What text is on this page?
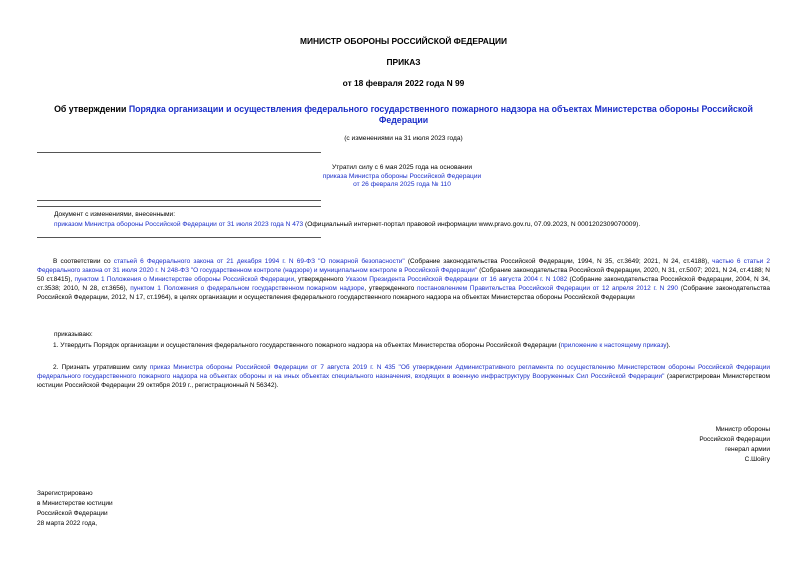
МИНИСТР ОБОРОНЫ РОССИЙСКОЙ ФЕДЕРАЦИИ
ПРИКАЗ
от 18 февраля 2022 года N 99
Об утверждении Порядка организации и осуществления федерального государственного пожарного надзора на объектах Министерства обороны Российской Федерации
(с изменениями на 31 июля 2023 года)
Утратил силу с 6 мая 2025 года на основании
приказа Министра обороны Российской Федерации
от 26 февраля 2025 года № 110
Документ с изменениями, внесенными:
приказом Министра обороны Российской Федерации от 31 июля 2023 года N 473 (Официальный интернет-портал правовой информации www.pravo.gov.ru, 07.09.2023, N 0001202309070009).
В соответствии со статьей 6 Федерального закона от 21 декабря 1994 г. N 69-ФЗ "О пожарной безопасности" (Собрание законодательства Российской Федерации, 1994, N 35, ст.3649; 2021, N 24, ст.4188), частью 6 статьи 2 Федерального закона от 31 июля 2020 г. N 248-ФЗ "О государственном контроле (надзоре) и муниципальном контроле в Российской Федерации" (Собрание законодательства Российской Федерации, 2020, N 31, ст.5007; 2021, N 24, ст.4188; N 50 ст.8415), пунктом 1 Положения о Министерстве обороны Российской Федерации, утвержденного Указом Президента Российской Федерации от 16 августа 2004 г. N 1082 (Собрание законодательства Российской Федерации, 2004, N 34, ст.3538; 2010, N 28, ст.3656), пунктом 1 Положения о федеральном государственном пожарном надзоре, утвержденного постановлением Правительства Российской Федерации от 12 апреля 2012 г. N 290 (Собрание законодательства Российской Федерации, 2012, N 17, ст.1964), в целях организации и осуществления федерального государственного пожарного надзора на объектах Министерства обороны Российской Федерации
приказываю:
1. Утвердить Порядок организации и осуществления федерального государственного пожарного надзора на объектах Министерства обороны Российской Федерации (приложение к настоящему приказу).
2. Признать утратившим силу приказ Министра обороны Российской Федерации от 7 августа 2019 г. N 435 "Об утверждении Административного регламента по осуществлению Министерством обороны Российской Федерации федерального государственного пожарного надзора на объектах обороны и на иных объектах специального назначения, входящих в военную инфраструктуру Вооруженных Сил Российской Федерации" (зарегистрирован Министерством юстиции Российской Федерации 29 октября 2019 г., регистрационный N 56342).
Министр обороны
Российской Федерации
генерал армии
С.Шойгу
Зарегистрировано
в Министерстве юстиции
Российской Федерации
28 марта 2022 года,
